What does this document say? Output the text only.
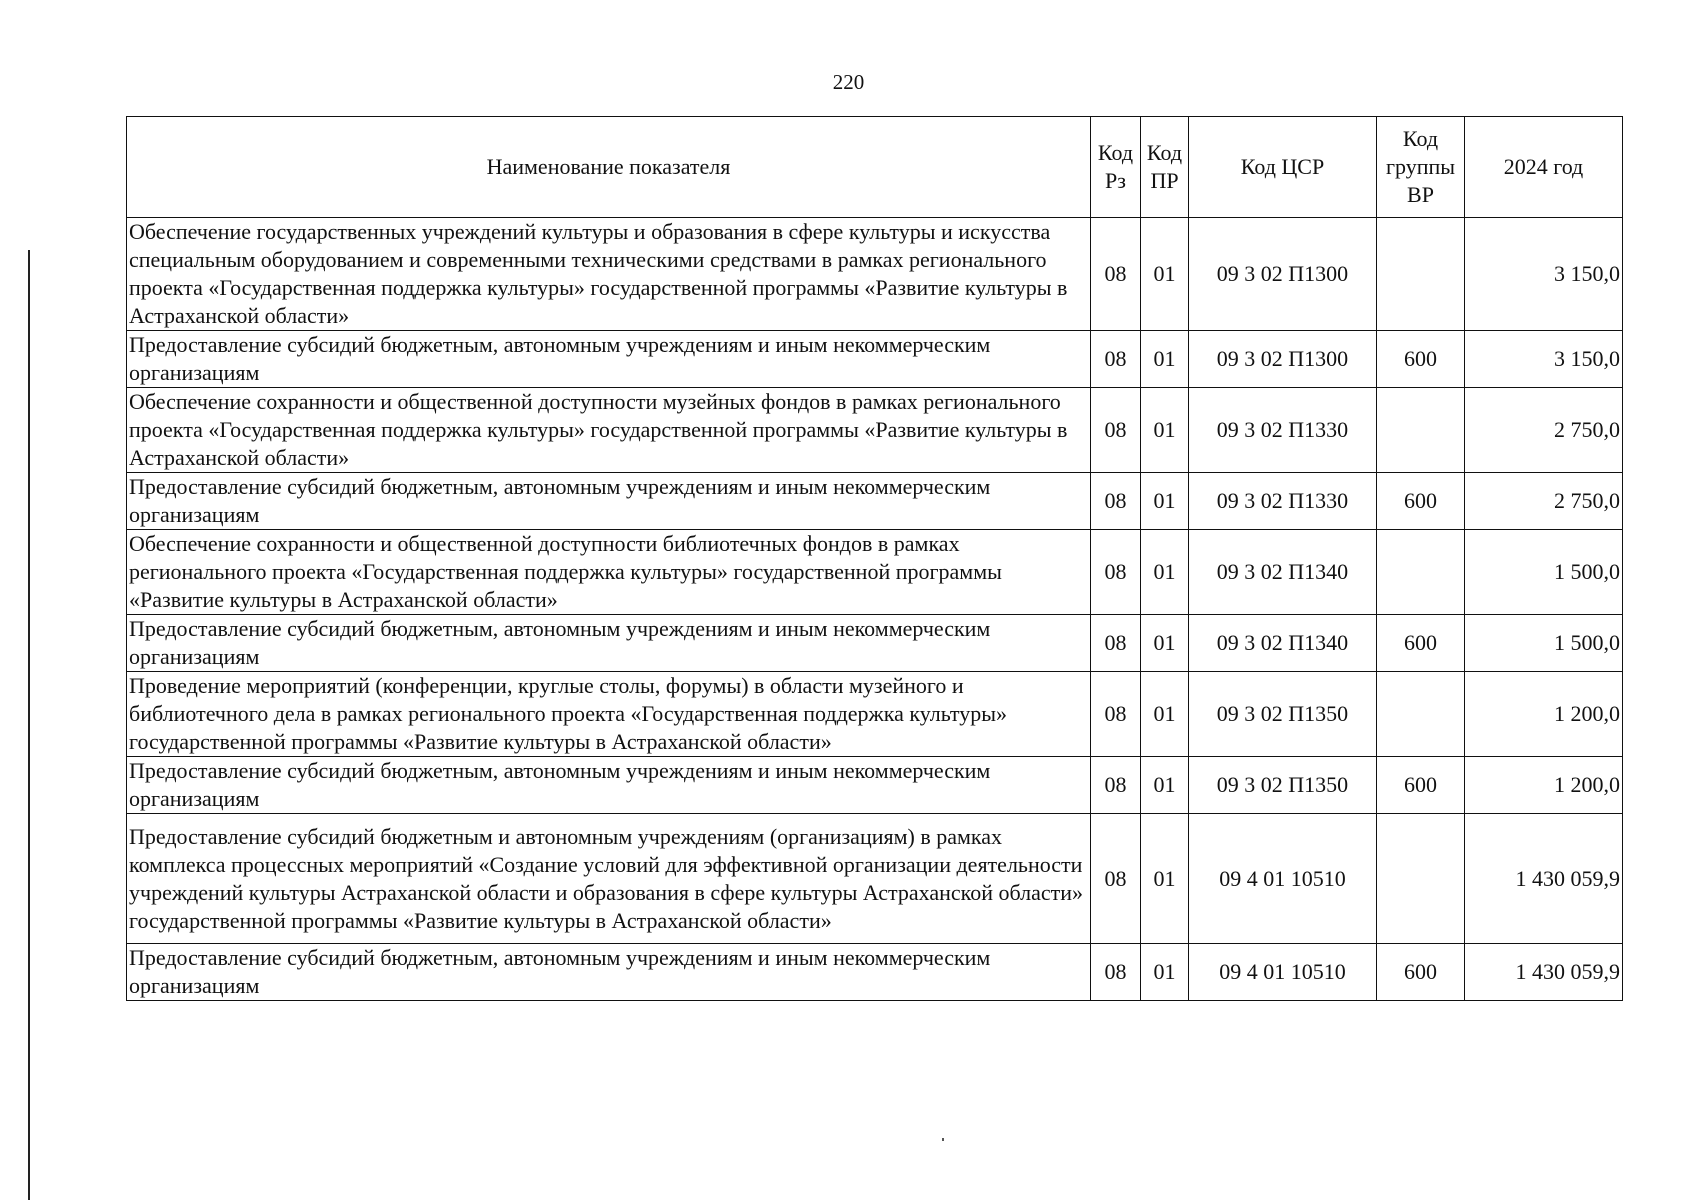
220
Наименование показателя	Код Рз	Код ПР	Код ЦСР	Код группы ВР	2024 год
Обеспечение государственных учреждений культуры и образования в сфере культуры и искусства специальным оборудованием и современными техническими средствами в рамках регионального проекта «Государственная поддержка культуры» государственной программы «Развитие культуры в Астраханской области»	08	01	09 3 02 П1300		3 150,0
Предоставление субсидий бюджетным, автономным учреждениям и иным некоммерческим организациям	08	01	09 3 02 П1300	600	3 150,0
Обеспечение сохранности и общественной доступности музейных фондов в рамках регионального проекта «Государственная поддержка культуры» государственной программы «Развитие культуры в Астраханской области»	08	01	09 3 02 П1330		2 750,0
Предоставление субсидий бюджетным, автономным учреждениям и иным некоммерческим организациям	08	01	09 3 02 П1330	600	2 750,0
Обеспечение сохранности и общественной доступности библиотечных фондов в рамках регионального проекта «Государственная поддержка культуры» государственной программы «Развитие культуры в Астраханской области»	08	01	09 3 02 П1340		1 500,0
Предоставление субсидий бюджетным, автономным учреждениям и иным некоммерческим организациям	08	01	09 3 02 П1340	600	1 500,0
Проведение мероприятий (конференции, круглые столы, форумы) в области музейного и библиотечного дела в рамках регионального проекта «Государственная поддержка культуры» государственной программы «Развитие культуры в Астраханской области»	08	01	09 3 02 П1350		1 200,0
Предоставление субсидий бюджетным, автономным учреждениям и иным некоммерческим организациям	08	01	09 3 02 П1350	600	1 200,0
Предоставление субсидий бюджетным и автономным учреждениям (организациям) в рамках комплекса процессных мероприятий «Создание условий для эффективной организации деятельности учреждений культуры Астраханской области и образования в сфере культуры Астраханской области» государственной программы «Развитие культуры в Астраханской области»	08	01	09 4 01 10510		1 430 059,9
Предоставление субсидий бюджетным, автономным учреждениям и иным некоммерческим организациям	08	01	09 4 01 10510	600	1 430 059,9
